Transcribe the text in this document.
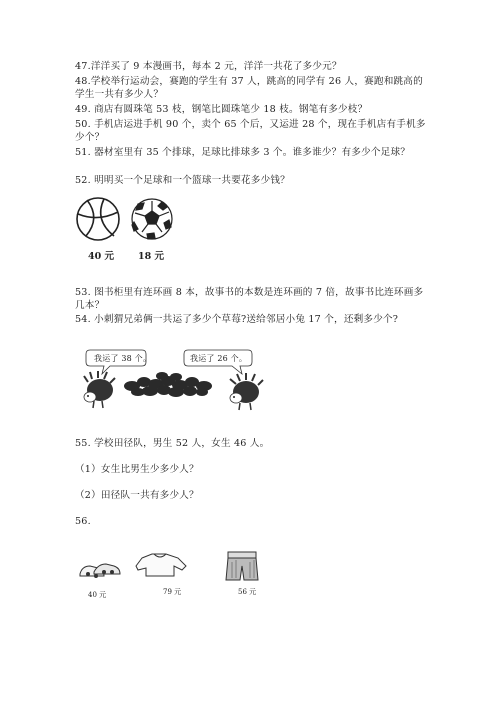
47.洋洋买了 9 本漫画书，每本 2 元，洋洋一共花了多少元？
48.学校举行运动会，赛跑的学生有 37 人，跳高的同学有 26 人，赛跑和跳高的
学生一共有多少人？
49. 商店有圆珠笔 53 枝，钢笔比圆珠笔少 18 枝。钢笔有多少枝？
50. 手机店运进手机 90 个，卖个 65 个后，又运进 28 个，现在手机店有手机多
少个？
51. 器材室里有 35 个排球，足球比排球多 3 个。谁多谁少？有多少个足球？
52. 明明买一个足球和一个篮球一共要花多少钱？
40 元	18 元
53. 图书柜里有连环画 8 本，故事书的本数是连环画的 7 倍，故事书比连环画多
几本？
54. 小刺猬兄弟俩一共运了多少个草莓?送给邻居小兔 17 个，还剩多少个?
我运了 38 个。	我运了 26 个。
55. 学校田径队，男生 52 人，女生 46 人。
（1）女生比男生少多少人？
（2）田径队一共有多少人？
56.
40 元	79 元	56 元
